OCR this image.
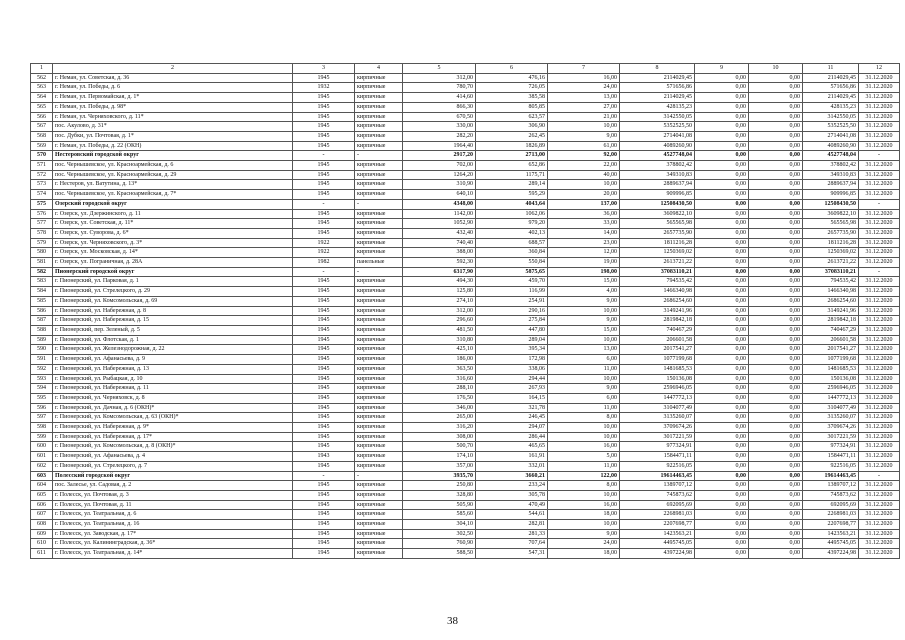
1	2	3	4	5	6	7	8	9	10	11	12
562	г. Неман, ул. Советская, д. 36	1945	кирпичные	312,00	476,16	16,00	2114029,45	0,00	0,00	2114029,45	31.12.2020
563	г. Неман, ул. Победы, д. 6	1932	кирпичные	780,70	726,05	24,00	571656,86	0,00	0,00	571656,86	31.12.2020
564	г. Неман, ул. Первомайская, д. 1*	1945	кирпичные	414,60	385,58	13,00	2114029,45	0,00	0,00	2114029,45	31.12.2020
565	г. Неман, ул. Победы, д. 98*	1945	кирпичные	866,30	805,85	27,00	428135,23	0,00	0,00	428135,23	31.12.2020
566	г. Неман, ул. Черняховского, д. 11*	1945	кирпичные	670,50	623,57	21,00	3142550,05	0,00	0,00	3142550,05	31.12.2020
567	пос. Акулово, д. 31*	1945	кирпичные	330,00	306,90	10,00	5352525,50	0,00	0,00	5352525,50	31.12.2020
568	пос. Дубки, ул. Почтовая, д. 1*	1945	кирпичные	282,20	262,45	9,00	2714041,08	0,00	0,00	2714041,08	31.12.2020
569	г. Неман, ул. Победы, д. 22 (ОКН)	1945	кирпичные	1964,40	1826,89	61,00	4089260,90	0,00	0,00	4089260,90	31.12.2020
570	Нестеровский городской округ	-	-	2917,20	2713,00	92,00	4527748,04	0,00	0,00	4527748,04	-
571	пос. Чернышевское, ул. Красноармейская, д. 6	1945	кирпичные	702,00	652,86	22,00	378802,42	0,00	0,00	378802,42	31.12.2020
572	пос. Чернышевское, ул. Красноармейская, д. 29	1945	кирпичные	1264,20	1175,71	40,00	349310,83	0,00	0,00	349310,83	31.12.2020
573	г. Нестеров, ул. Ватутина, д. 13*	1945	кирпичные	310,90	289,14	10,00	2889637,94	0,00	0,00	2889637,94	31.12.2020
574	пос. Чернышевское, ул. Красноармейская, д. 7*	1945	кирпичные	640,10	595,29	20,00	909996,85	0,00	0,00	909996,85	31.12.2020
575	Озерский городской округ	-	-	4348,00	4043,64	137,00	12508430,50	0,00	0,00	12508430,50	-
576	г. Озерск, ул. Дзержинского, д. 11	1945	кирпичные	1142,00	1062,06	36,00	3609822,10	0,00	0,00	3609822,10	31.12.2020
577	г. Озерск, ул. Советская, д. 11*	1945	кирпичные	1052,90	979,20	33,00	565565,98	0,00	0,00	565565,98	31.12.2020
578	г. Озерск, ул. Суворова, д. 6*	1945	кирпичные	432,40	402,13	14,00	2657735,90	0,00	0,00	2657735,90	31.12.2020
579	г. Озерск, ул. Черняховского, д. 3*	1922	кирпичные	740,40	688,57	23,00	1811216,28	0,00	0,00	1811216,28	31.12.2020
580	г. Озерск, ул. Московская, д. 14*	1922	кирпичные	388,00	360,84	12,00	1250369,02	0,00	0,00	1250369,02	31.12.2020
581	г. Озерск, ул. Пограничная, д. 28А	1982	панельные	592,30	550,84	19,00	2613721,22	0,00	0,00	2613721,22	31.12.2020
582	Пионерский городской округ	-	-	6317,90	5875,65	198,00	37083110,21	0,00	0,00	37083110,21	-
583	г. Пионерский, ул. Парковая, д. 1	1945	кирпичные	494,30	459,70	15,00	794535,42	0,00	0,00	794535,42	31.12.2020
584	г. Пионерский, ул. Стрелецкого, д. 29	1945	кирпичные	125,80	116,99	4,00	1466340,98	0,00	0,00	1466340,98	31.12.2020
585	г. Пионерский, ул. Комсомольская, д. 69	1945	кирпичные	274,10	254,91	9,00	2686254,60	0,00	0,00	2686254,60	31.12.2020
586	г. Пионерский, ул. Набережная, д. 8	1945	кирпичные	312,00	290,16	10,00	3149241,96	0,00	0,00	3149241,96	31.12.2020
587	г. Пионерский, ул. Набережная, д. 15	1945	кирпичные	296,60	275,84	9,00	2819842,18	0,00	0,00	2819842,18	31.12.2020
588	г. Пионерский, пер. Зеленый, д. 5	1945	кирпичные	481,50	447,80	15,00	740467,29	0,00	0,00	740467,29	31.12.2020
589	г. Пионерский, ул. Флотская, д. 1	1945	кирпичные	310,80	289,04	10,00	206601,58	0,00	0,00	206601,58	31.12.2020
590	г. Пионерский, ул. Железнодорожная, д. 22	1945	кирпичные	425,10	395,34	13,00	2017541,27	0,00	0,00	2017541,27	31.12.2020
591	г. Пионерский, ул. Афанасьева, д. 9	1945	кирпичные	186,00	172,98	6,00	1077199,68	0,00	0,00	1077199,68	31.12.2020
592	г. Пионерский, ул. Набережная, д. 13	1945	кирпичные	363,50	338,06	11,00	1481685,53	0,00	0,00	1481685,53	31.12.2020
593	г. Пионерский, ул. Рыбацкая, д. 10	1945	кирпичные	316,60	294,44	10,00	150136,08	0,00	0,00	150136,08	31.12.2020
594	г. Пионерский, ул. Набережная, д. 11	1945	кирпичные	288,10	267,93	9,00	2596946,05	0,00	0,00	2596946,05	31.12.2020
595	г. Пионерский, ул. Черняховск, д. 8	1945	кирпичные	176,50	164,15	6,00	1447772,13	0,00	0,00	1447772,13	31.12.2020
596	г. Пионерский, ул. Дачная, д. 6 (ОКН)*	1945	кирпичные	346,00	321,78	11,00	3104077,49	0,00	0,00	3104077,49	31.12.2020
597	г. Пионерский, ул. Комсомольская, д. 63 (ОКН)*	1945	кирпичные	265,00	246,45	8,00	3135260,07	0,00	0,00	3135260,07	31.12.2020
598	г. Пионерский, ул. Набережная, д. 9*	1945	кирпичные	316,20	294,07	10,00	3709674,26	0,00	0,00	3709674,26	31.12.2020
599	г. Пионерский, ул. Набережная, д. 17*	1945	кирпичные	308,00	286,44	10,00	3017221,59	0,00	0,00	3017221,59	31.12.2020
600	г. Пионерский, ул. Комсомольская, д. 8 (ОКН)*	1945	кирпичные	500,70	465,65	16,00	977324,91	0,00	0,00	977324,91	31.12.2020
601	г. Пионерский, ул. Афанасьева, д. 4	1943	кирпичные	174,10	161,91	5,00	1584471,11	0,00	0,00	1584471,11	31.12.2020
602	г. Пионерский, ул. Стрелецкого, д. 7	1945	кирпичные	357,00	332,01	11,00	922516,05	0,00	0,00	922516,05	31.12.2020
603	Полесский городской округ	-	-	3935,70	3660,21	122,00	19614463,45	0,00	0,00	19614463,45	-
604	пос. Залесье, ул. Садовая, д. 2	1945	кирпичные	250,80	233,24	8,00	1389707,12	0,00	0,00	1389707,12	31.12.2020
605	г. Полесск, ул. Почтовая, д. 3	1945	кирпичные	328,80	305,78	10,00	745873,62	0,00	0,00	745873,62	31.12.2020
606	г. Полесск, ул. Почтовая, д. 11	1945	кирпичные	505,90	470,49	16,00	692095,69	0,00	0,00	692095,69	31.12.2020
607	г. Полесск, ул. Театральная, д. 6	1945	кирпичные	585,60	544,61	18,00	2268981,03	0,00	0,00	2268981,03	31.12.2020
608	г. Полесск, ул. Театральная, д. 16	1945	кирпичные	304,10	282,81	10,00	2207698,77	0,00	0,00	2207698,77	31.12.2020
609	г. Полесск, ул. Заводская, д. 17*	1945	кирпичные	302,50	281,33	9,00	1423563,21	0,00	0,00	1423563,21	31.12.2020
610	г. Полесск, ул. Калининградская, д. 36*	1945	кирпичные	760,90	707,64	24,00	4495745,05	0,00	0,00	4495745,05	31.12.2020
611	г. Полесск, ул. Театральная, д. 14*	1945	кирпичные	588,50	547,31	18,00	4397224,98	0,00	0,00	4397224,98	31.12.2020
38
